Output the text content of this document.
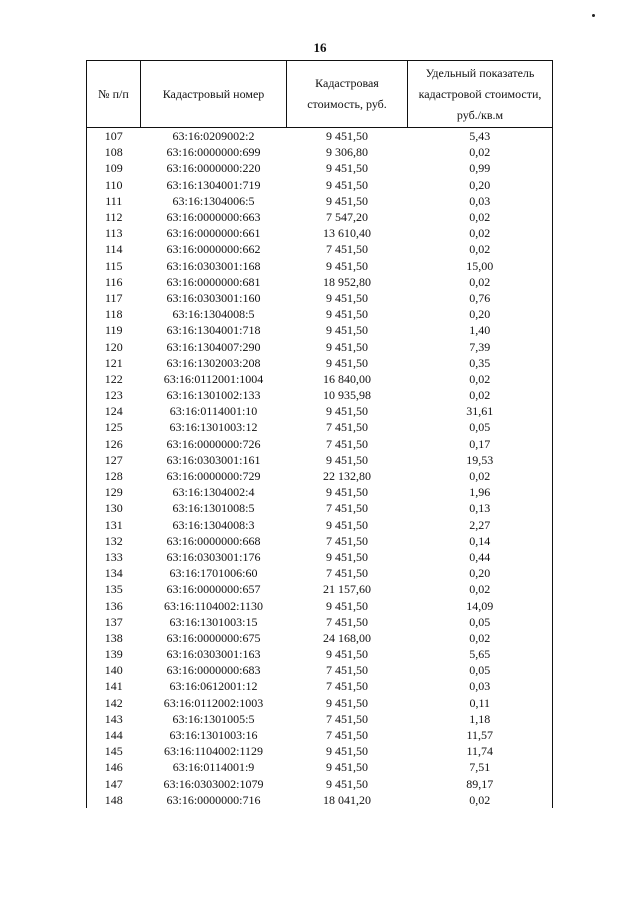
16
№ п/п	Кадастровый номер	Кадастровая стоимость, руб.	Удельный показатель кадастровой стоимости, руб./кв.м
107	63:16:0209002:2	9 451,50	5,43
108	63:16:0000000:699	9 306,80	0,02
109	63:16:0000000:220	9 451,50	0,99
110	63:16:1304001:719	9 451,50	0,20
111	63:16:1304006:5	9 451,50	0,03
112	63:16:0000000:663	7 547,20	0,02
113	63:16:0000000:661	13 610,40	0,02
114	63:16:0000000:662	7 451,50	0,02
115	63:16:0303001:168	9 451,50	15,00
116	63:16:0000000:681	18 952,80	0,02
117	63:16:0303001:160	9 451,50	0,76
118	63:16:1304008:5	9 451,50	0,20
119	63:16:1304001:718	9 451,50	1,40
120	63:16:1304007:290	9 451,50	7,39
121	63:16:1302003:208	9 451,50	0,35
122	63:16:0112001:1004	16 840,00	0,02
123	63:16:1301002:133	10 935,98	0,02
124	63:16:0114001:10	9 451,50	31,61
125	63:16:1301003:12	7 451,50	0,05
126	63:16:0000000:726	7 451,50	0,17
127	63:16:0303001:161	9 451,50	19,53
128	63:16:0000000:729	22 132,80	0,02
129	63:16:1304002:4	9 451,50	1,96
130	63:16:1301008:5	7 451,50	0,13
131	63:16:1304008:3	9 451,50	2,27
132	63:16:0000000:668	7 451,50	0,14
133	63:16:0303001:176	9 451,50	0,44
134	63:16:1701006:60	7 451,50	0,20
135	63:16:0000000:657	21 157,60	0,02
136	63:16:1104002:1130	9 451,50	14,09
137	63:16:1301003:15	7 451,50	0,05
138	63:16:0000000:675	24 168,00	0,02
139	63:16:0303001:163	9 451,50	5,65
140	63:16:0000000:683	7 451,50	0,05
141	63:16:0612001:12	7 451,50	0,03
142	63:16:0112002:1003	9 451,50	0,11
143	63:16:1301005:5	7 451,50	1,18
144	63:16:1301003:16	7 451,50	11,57
145	63:16:1104002:1129	9 451,50	11,74
146	63:16:0114001:9	9 451,50	7,51
147	63:16:0303002:1079	9 451,50	89,17
148	63:16:0000000:716	18 041,20	0,02
